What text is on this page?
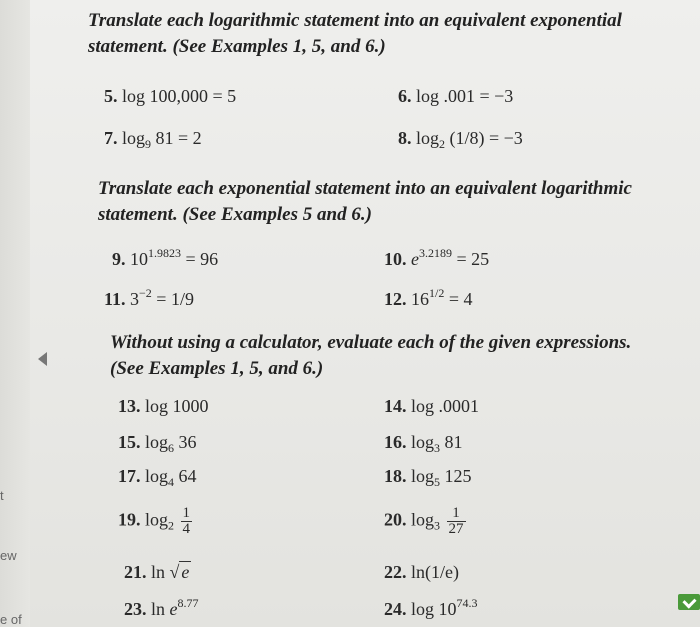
t
ew
e of
Translate each logarithmic statement into an equivalent exponential
statement. (See Examples 1, 5, and 6.)
5. log 100,000 = 5	6. log .001 = −3
7. $\log_9 81 = 2$	8. $\log_2 (1/8) = -3$
Translate each exponential statement into an equivalent logarithmic
statement. (See Examples 5 and 6.)
9. $10^{1.9823} = 96$	10. $e^{3.2189} = 25$
11. $3^{-2} = 1/9$	12. $16^{1/2} = 4$
Without using a calculator, evaluate each of the given expressions.
(See Examples 1, 5, and 6.)
13. log 1000	14. log .0001
15. $\log_6 36$	16. $\log_3 81$
17. $\log_4 64$	18. $\log_5 125$
19. $\log_2 \frac{1}{4}$	20. $\log_3 \frac{1}{27}$
21. ln √ e	22. ln(1/e)
23. $\ln e^{8.77}$	24. $\log 10^{74.3}$
